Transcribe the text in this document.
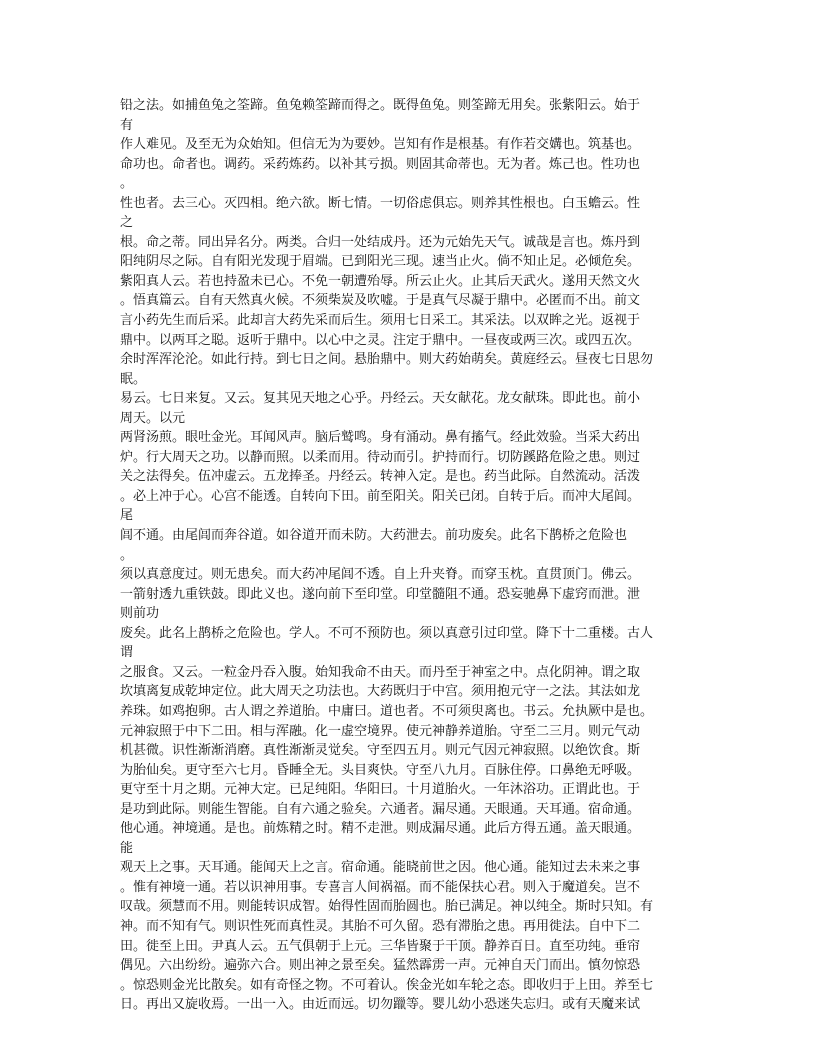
铅之法。如捕鱼兔之筌蹄。鱼兔赖筌蹄而得之。既得鱼兔。则筌蹄无用矣。张紫阳云。始于
有
作人难见。及至无为众始知。但信无为为要妙。岂知有作是根基。有作若交媾也。筑基也。
命功也。命者也。调药。采药炼药。以补其亏损。则固其命蒂也。无为者。炼己也。性功也
。
性也者。去三心。灭四相。绝六欲。断七情。一切俗虑俱忘。则养其性根也。白玉蟾云。性
之
根。命之蒂。同出异名分。两类。合归一处结成丹。还为元始先天气。诚哉是言也。炼丹到
阳纯阴尽之际。自有阳光发现于眉端。已到阳光三现。速当止火。倘不知止足。必倾危矣。
紫阳真人云。若也持盈未已心。不免一朝遭殆辱。所云止火。止其后天武火。遂用天然文火
。悟真篇云。自有天然真火候。不须柴炭及吹嘘。于是真气尽凝于鼎中。必匿而不出。前文
言小药先生而后采。此却言大药先采而后生。须用七日采工。其采法。以双眸之光。返视于
鼎中。以两耳之聪。返听于鼎中。以心中之灵。注定于鼎中。一昼夜或两三次。或四五次。
余时浑浑沦沦。如此行持。到七日之间。悬胎鼎中。则大药始萌矣。黄庭经云。昼夜七日思勿
眠。
易云。七日来复。又云。复其见天地之心乎。丹经云。天女献花。龙女献珠。即此也。前小
周天。以元
两肾汤煎。眼吐金光。耳闻风声。脑后鹫鸣。身有涌动。鼻有搐气。经此效验。当采大药出
炉。行大周天之功。以静而照。以柔而用。待动而引。护持而行。切防蹊路危险之患。则过
关之法得矣。伍冲虚云。五龙捧圣。丹经云。转神入定。是也。药当此际。自然流动。活泼
。必上冲于心。心宫不能透。自转向下田。前至阳关。阳关已闭。自转于后。而冲大尾闾。
尾
闾不通。由尾闾而奔谷道。如谷道开而未防。大药泄去。前功废矣。此名下鹊桥之危险也
。
须以真意度过。则无患矣。而大药冲尾闾不透。自上升夹脊。而穿玉枕。直贯顶门。佛云。
一箭射透九重铁鼓。即此义也。遂向前下至印堂。印堂髓阻不通。恐妄驰鼻下虚窍而泄。泄
则前功
废矣。此名上鹊桥之危险也。学人。不可不预防也。须以真意引过印堂。降下十二重楼。古人
谓
之服食。又云。一粒金丹吞入腹。始知我命不由天。而丹至于神室之中。点化阴神。谓之取
坎填离复成乾坤定位。此大周天之功法也。大药既归于中宫。须用抱元守一之法。其法如龙
养珠。如鸡抱卵。古人谓之养道胎。中庸曰。道也者。不可须臾离也。书云。允执厥中是也。
元神寂照于中下二田。相与浑融。化一虚空境界。使元神静养道胎。守至二三月。则元气动
机甚微。识性渐渐消磨。真性渐渐灵觉矣。守至四五月。则元气因元神寂照。以绝饮食。斯
为胎仙矣。更守至六七月。昏睡全无。头目爽快。守至八九月。百脉住停。口鼻绝无呼吸。
更守至十月之期。元神大定。已足纯阳。华阳曰。十月道胎火。一年沐浴功。正谓此也。于
是功到此际。则能生智能。自有六通之验矣。六通者。漏尽通。天眼通。天耳通。宿命通。
他心通。神境通。是也。前炼精之时。精不走泄。则成漏尽通。此后方得五通。盖天眼通。
能
观天上之事。天耳通。能闻天上之言。宿命通。能晓前世之因。他心通。能知过去未来之事
。惟有神境一通。若以识神用事。专喜言人间祸福。而不能保扶心君。则入于魔道矣。岂不
叹哉。须慧而不用。则能转识成智。始得性固而胎圆也。胎已满足。神以纯全。斯时只知。有
神。而不知有气。则识性死而真性灵。其胎不可久留。恐有滞胎之患。再用徙法。自中下二
田。徙至上田。尹真人云。五气俱朝于上元。三华皆聚于干顶。静养百日。直至功纯。垂帘
偶见。六出纷纷。遍弥六合。则出神之景至矣。猛然霹雳一声。元神自天门而出。慎勿惊恐
。惊恐则金光比散矣。如有奇怪之物。不可着认。俟金光如车轮之态。即收归于上田。养至七
日。再出又旋收焉。一出一入。由近而远。切勿躐等。婴儿幼小恐迷失忘归。或有天魔来试
